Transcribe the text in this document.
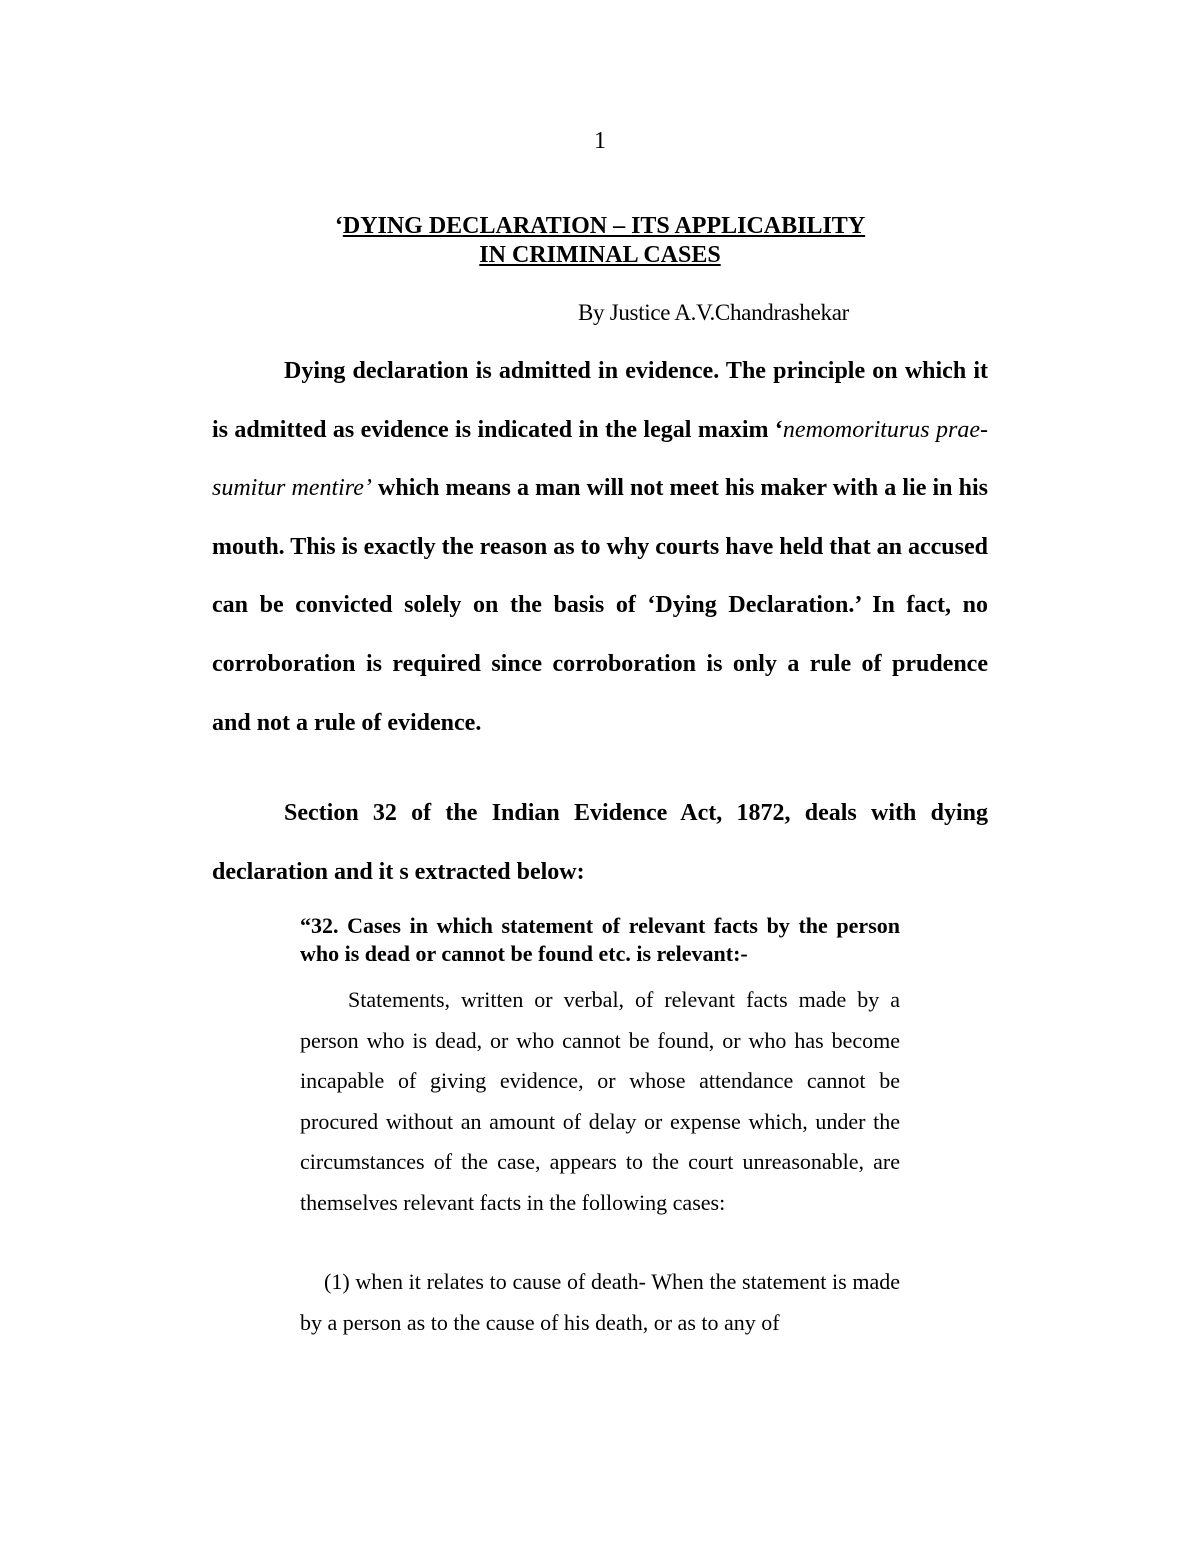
1
‘DYING DECLARATION – ITS APPLICABILITY
IN CRIMINAL CASES
By Justice A.V.Chandrashekar
Dying declaration is admitted in evidence. The principle on which it is admitted as evidence is indicated in the legal maxim ‘nemomoriturus prae-sumitur mentire’ which means a man will not meet his maker with a lie in his mouth. This is exactly the reason as to why courts have held that an accused can be convicted solely on the basis of ‘Dying Declaration.’ In fact, no corroboration is required since corroboration is only a rule of prudence and not a rule of evidence.
Section 32 of the Indian Evidence Act, 1872, deals with dying declaration and it s extracted below:
“32. Cases in which statement of relevant facts by the person who is dead or cannot be found etc. is relevant:-
Statements, written or verbal, of relevant facts made by a person who is dead, or who cannot be found, or who has become incapable of giving evidence, or whose attendance cannot be procured without an amount of delay or expense which, under the circumstances of the case, appears to the court unreasonable, are themselves relevant facts in the following cases:
(1) when it relates to cause of death- When the statement is made by a person as to the cause of his death, or as to any of
